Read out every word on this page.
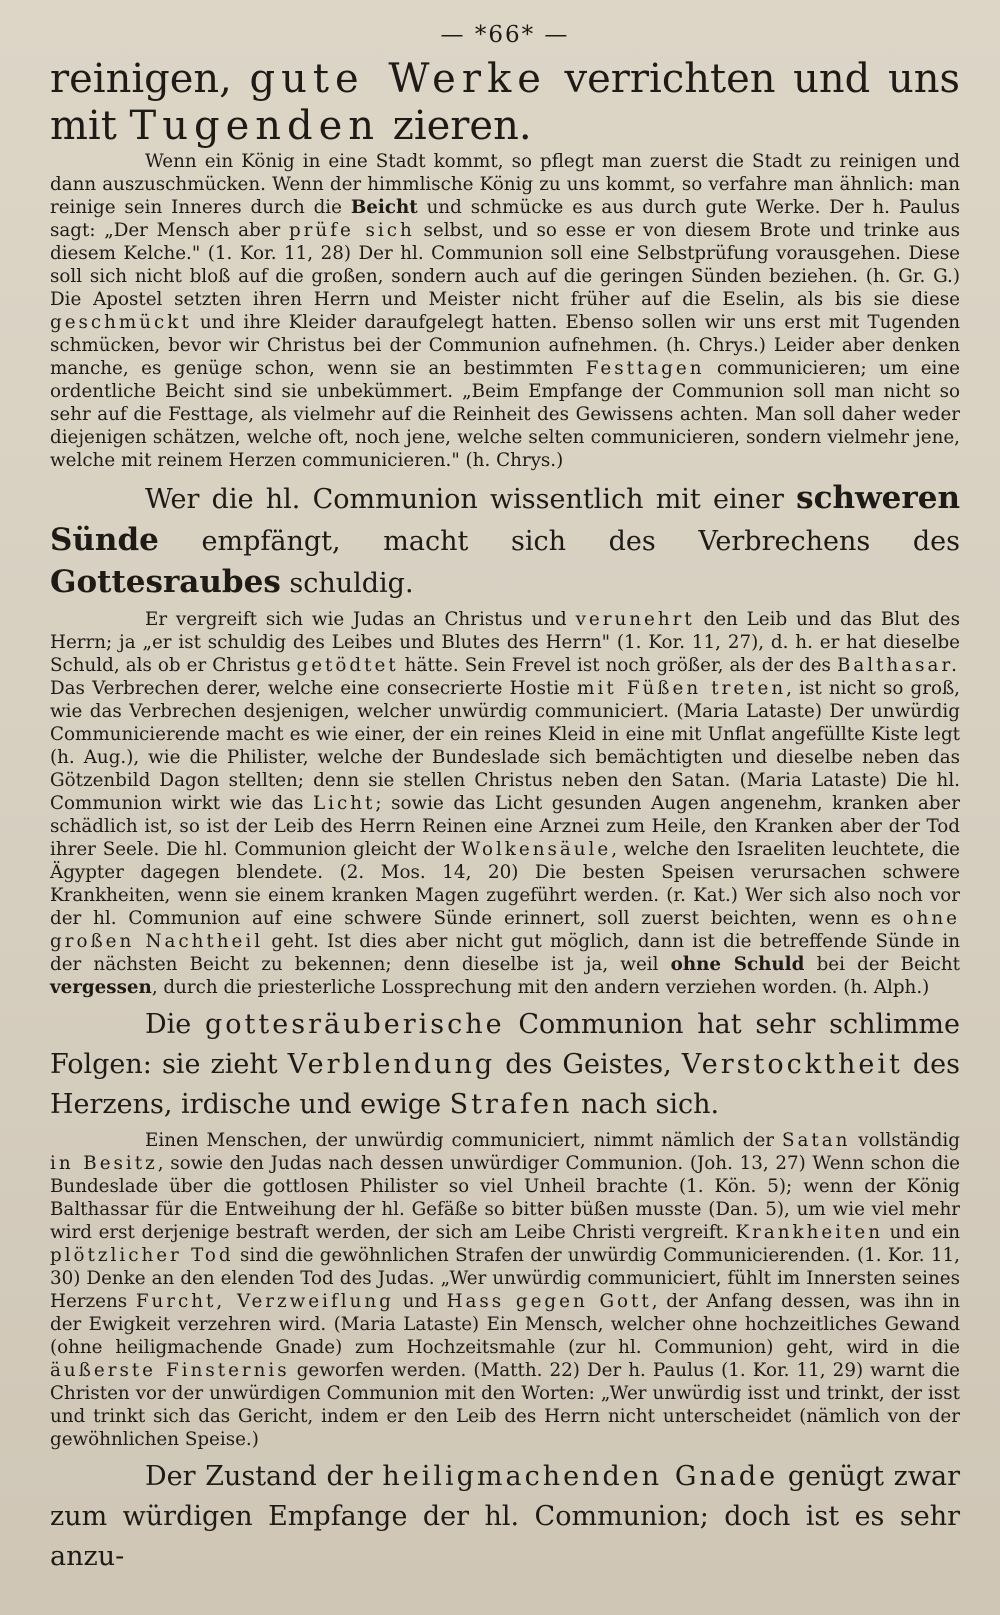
— *66* —

reinigen, gute Werke verrichten und uns mit Tugenden zieren.

Wenn ein König in eine Stadt kommt, so pflegt man zuerst die Stadt zu reinigen und dann auszuschmücken. Wenn der himmlische König zu uns kommt, so verfahre man ähnlich: man reinige sein Inneres durch die Beicht und schmücke es aus durch gute Werke. Der h. Paulus sagt: „Der Mensch aber prüfe sich selbst, und so esse er von diesem Brote und trinke aus diesem Kelche." (1. Kor. 11, 28) Der hl. Communion soll eine Selbstprüfung vorausgehen. Diese soll sich nicht bloß auf die großen, sondern auch auf die geringen Sünden beziehen. (h. Gr. G.) Die Apostel setzten ihren Herrn und Meister nicht früher auf die Eselin, als bis sie diese geschmückt und ihre Kleider daraufgelegt hatten. Ebenso sollen wir uns erst mit Tugenden schmücken, bevor wir Christus bei der Communion aufnehmen. (h. Chrys.) Leider aber denken manche, es genüge schon, wenn sie an bestimmten Festtagen communicieren; um eine ordentliche Beicht sind sie unbekümmert. „Beim Empfange der Communion soll man nicht so sehr auf die Festtage, als vielmehr auf die Reinheit des Gewissens achten. Man soll daher weder diejenigen schätzen, welche oft, noch jene, welche selten communicieren, sondern vielmehr jene, welche mit reinem Herzen communicieren." (h. Chrys.)

Wer die hl. Communion wissentlich mit einer schweren Sünde empfängt, macht sich des Verbrechens des Gottesraubes schuldig.

Er vergreift sich wie Judas an Christus und verunehrt den Leib und das Blut des Herrn; ja „er ist schuldig des Leibes und Blutes des Herrn" (1. Kor. 11, 27), d. h. er hat dieselbe Schuld, als ob er Christus getödtet hätte. Sein Frevel ist noch größer, als der des Balthasar. Das Verbrechen derer, welche eine consecrierte Hostie mit Füßen treten, ist nicht so groß, wie das Verbrechen desjenigen, welcher unwürdig communiciert. (Maria Lataste) Der unwürdig Communicierende macht es wie einer, der ein reines Kleid in eine mit Unflat angefüllte Kiste legt (h. Aug.), wie die Philister, welche der Bundeslade sich bemächtigten und dieselbe neben das Götzenbild Dagon stellten; denn sie stellen Christus neben den Satan. (Maria Lataste) Die hl. Communion wirkt wie das Licht; sowie das Licht gesunden Augen angenehm, kranken aber schädlich ist, so ist der Leib des Herrn Reinen eine Arznei zum Heile, den Kranken aber der Tod ihrer Seele. Die hl. Communion gleicht der Wolkensäule, welche den Israeliten leuchtete, die Ägypter dagegen blendete. (2. Mos. 14, 20) Die besten Speisen verursachen schwere Krankheiten, wenn sie einem kranken Magen zugeführt werden. (r. Kat.) Wer sich also noch vor der hl. Communion auf eine schwere Sünde erinnert, soll zuerst beichten, wenn es ohne großen Nachtheil geht. Ist dies aber nicht gut möglich, dann ist die betreffende Sünde in der nächsten Beicht zu bekennen; denn dieselbe ist ja, weil ohne Schuld bei der Beicht vergessen, durch die priesterliche Lossprechung mit den andern verziehen worden. (h. Alph.)

Die gottesräuberische Communion hat sehr schlimme Folgen: sie zieht Verblendung des Geistes, Verstocktheit des Herzens, irdische und ewige Strafen nach sich.

Einen Menschen, der unwürdig communiciert, nimmt nämlich der Satan vollständig in Besitz, sowie den Judas nach dessen unwürdiger Communion. (Joh. 13, 27) Wenn schon die Bundeslade über die gottlosen Philister so viel Unheil brachte (1. Kön. 5); wenn der König Balthassar für die Entweihung der hl. Gefäße so bitter büßen musste (Dan. 5), um wie viel mehr wird erst derjenige bestraft werden, der sich am Leibe Christi vergreift. Krankheiten und ein plötzlicher Tod sind die gewöhnlichen Strafen der unwürdig Communicierenden. (1. Kor. 11, 30) Denke an den elenden Tod des Judas. „Wer unwürdig communiciert, fühlt im Innersten seines Herzens Furcht, Verzweiflung und Hass gegen Gott, der Anfang dessen, was ihn in der Ewigkeit verzehren wird. (Maria Lataste) Ein Mensch, welcher ohne hochzeitliches Gewand (ohne heiligmachende Gnade) zum Hochzeitsmahle (zur hl. Communion) geht, wird in die äußerste Finsternis geworfen werden. (Matth. 22) Der h. Paulus (1. Kor. 11, 29) warnt die Christen vor der unwürdigen Communion mit den Worten: „Wer unwürdig isst und trinkt, der isst und trinkt sich das Gericht, indem er den Leib des Herrn nicht unterscheidet (nämlich von der gewöhnlichen Speise.)

Der Zustand der heiligmachenden Gnade genügt zwar zum würdigen Empfange der hl. Communion; doch ist es sehr anzu-
